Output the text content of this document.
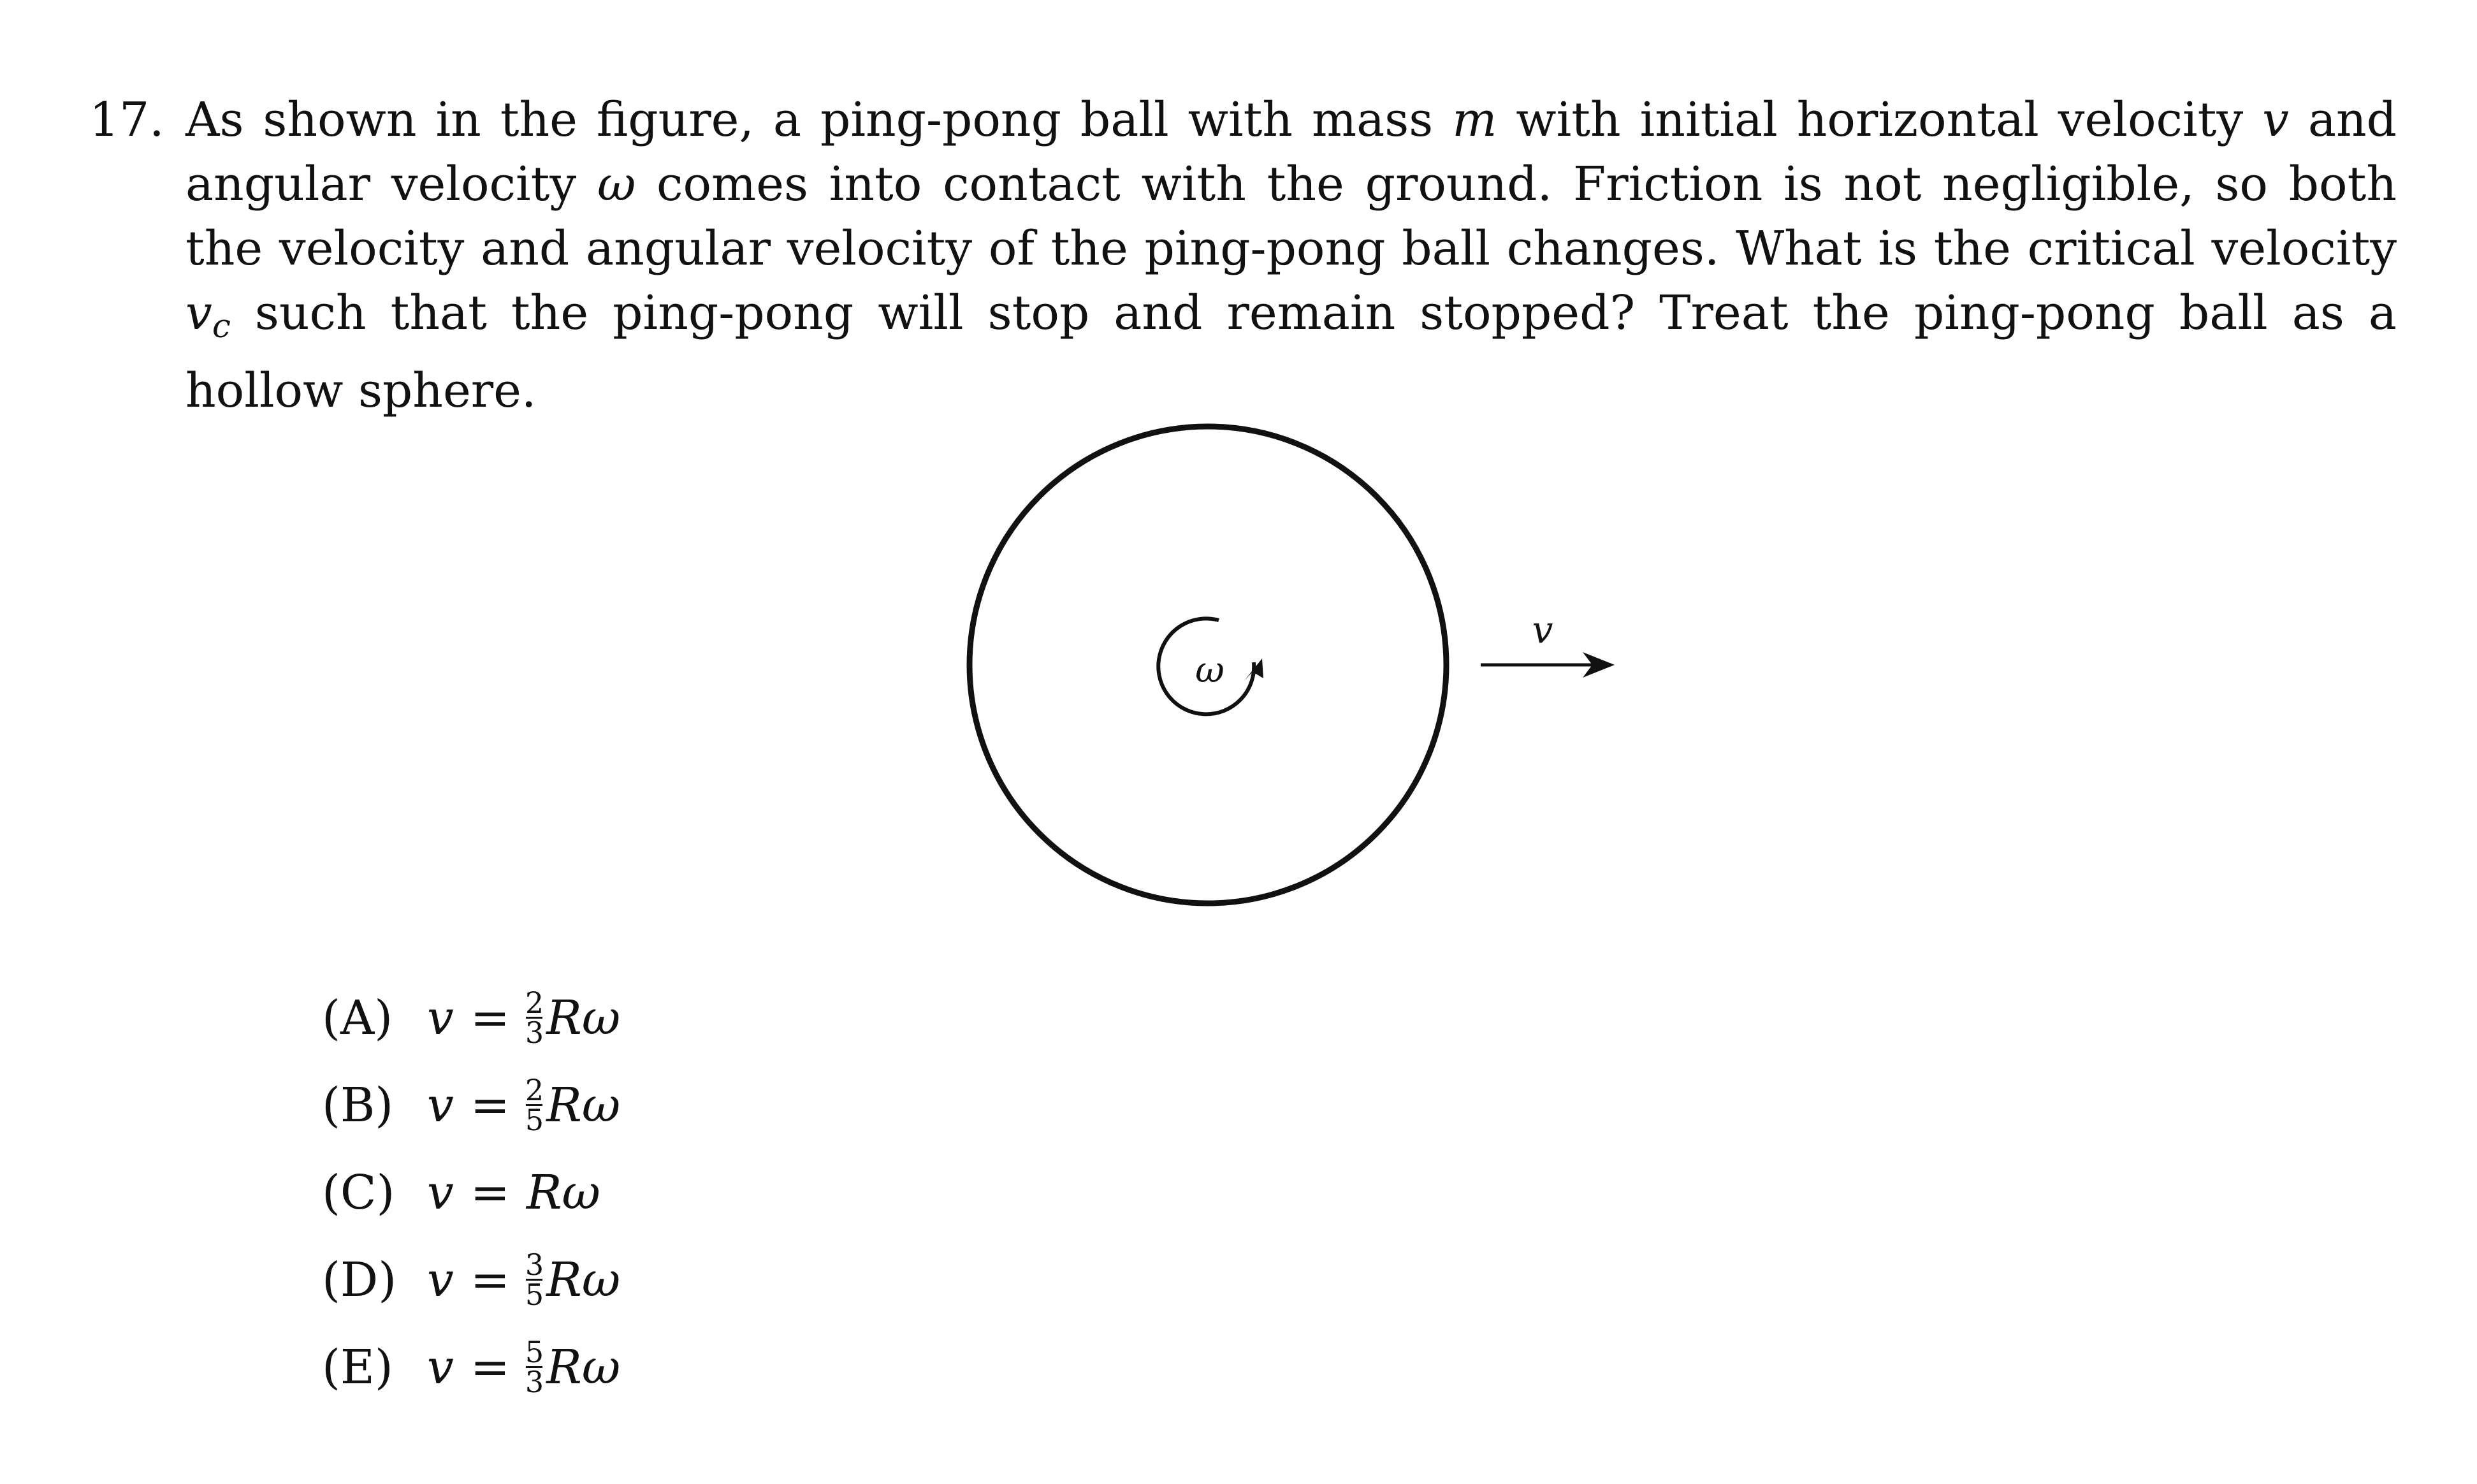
17. As shown in the figure, a ping-pong ball with mass m with initial horizontal velocity v and angular velocity ω comes into contact with the ground. Friction is not negligible, so both the velocity and angular velocity of the ping-pong ball changes. What is the critical velocity $v_c$ such that the ping-pong will stop and remain stopped? Treat the ping-pong ball as a hollow sphere.
ω
v
(A) $v = \frac{2}{3}$ Rω
(B) $v = \frac{2}{5}$ Rω
(C) v = Rω
(D) $v = \frac{3}{5}$ Rω
(E) $v = \frac{5}{3}$ Rω
